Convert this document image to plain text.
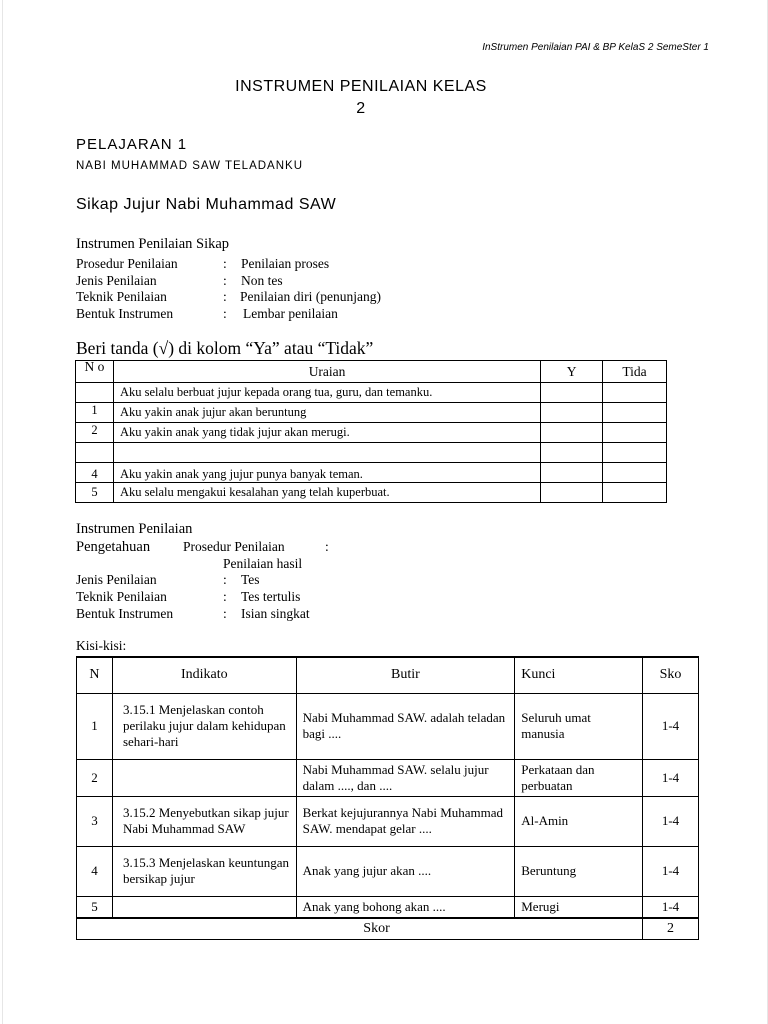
InStrumen Penilaian PAI & BP KelaS 2 SemeSter 1
INSTRUMEN PENILAIAN KELAS
2
PELAJARAN 1
NABI MUHAMMAD SAW TELADANKU
Sikap Jujur Nabi Muhammad SAW
Instrumen Penilaian Sikap
Prosedur Penilaian	: Penilaian proses
Jenis Penilaian	: Non tes
Teknik Penilaian	: Penilaian diri (penunjang)
Bentuk Instrumen	: Lembar penilaian
Beri tanda (√) di kolom “Ya” atau “Tidak”
N o	Uraian	Y	Tida
	Aku selalu berbuat jujur kepada orang tua, guru, dan temanku.		
1	Aku yakin anak jujur akan beruntung		
2	Aku yakin anak yang tidak jujur akan merugi.		

4	Aku yakin anak yang jujur punya banyak teman.		
5	Aku selalu mengakui kesalahan yang telah kuperbuat.		
Instrumen Penilaian
Pengetahuan Prosedur Penilaian	:
Penilaian hasil
Jenis Penilaian	: Tes
Teknik Penilaian	: Tes tertulis
Bentuk Instrumen	: Isian singkat
Kisi-kisi:
N	Indikato	Butir	Kunci	Sko
1	3.15.1 Menjelaskan contoh perilaku jujur dalam kehidupan sehari-hari	Nabi Muhammad SAW. adalah teladan bagi ....	Seluruh umat manusia	1-4
2		Nabi Muhammad SAW. selalu jujur dalam ...., dan ....	Perkataan dan perbuatan	1-4
3	3.15.2 Menyebutkan sikap jujur Nabi Muhammad SAW	Berkat kejujurannya Nabi Muhammad SAW. mendapat gelar ....	Al-Amin	1-4
4	3.15.3 Menjelaskan keuntungan bersikap jujur	Anak yang jujur akan ....	Beruntung	1-4
5		Anak yang bohong akan ....	Merugi	1-4
Skor				2
